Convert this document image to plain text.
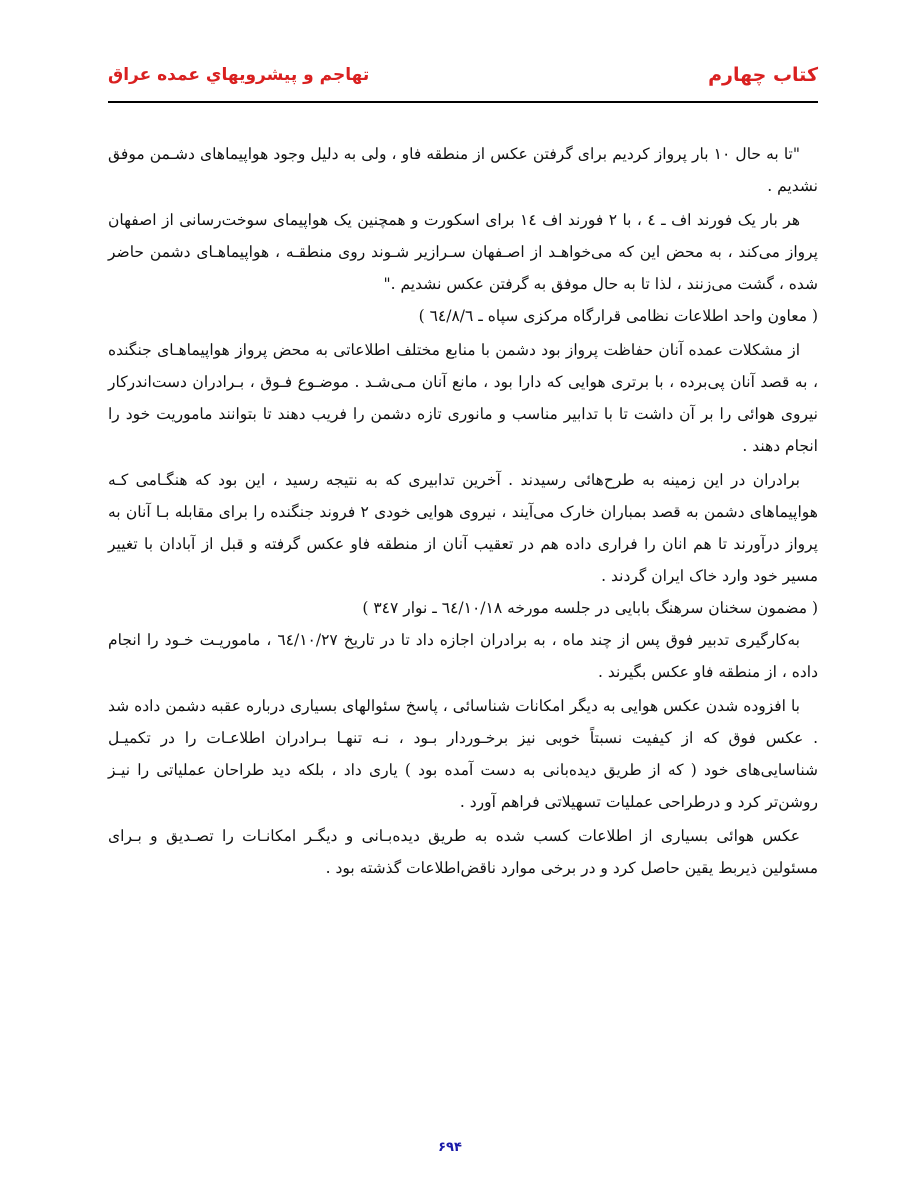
کتاب چهارم
تهاجم و پيشرويهاي عمده عراق

"تا به حال ۱۰ بار پرواز کردیم برای گرفتن عکس از منطقه فاو ، ولی به دلیل وجود هواپیماهای دشـمن موفق نشدیم .

هر بار یک فورند اف ـ ٤ ، با ۲ فورند اف ١٤ برای اسکورت و همچنین یک هواپیمای سوخت‌رسانی از اصفهان پرواز می‌کند ، به محض این که می‌خواهـد از اصـفهان سـرازیر شـوند روی منطقـه ، هواپیماهـای دشمن حاضر شده ، گشت می‌زنند ، لذا تا به حال موفق به گرفتن عکس نشدیم ."

( معاون واحد اطلاعات نظامی قرارگاه مرکزی سپاه ـ ٦٤/٨/٦ )

از مشکلات عمده آنان حفاظت پرواز بود دشمن با منابع مختلف اطلاعاتی به محض پرواز هواپیماهـای جنگنده ، به قصد آنان پی‌برده ، با برتری هوایی که دارا بود ، مانع آنان مـی‌شـد . موضـوع فـوق ، بـرادران دست‌اندرکار نیروی هوائی را بر آن داشت تا با تدابیر مناسب و مانوری تازه دشمن را فریب دهند تا بتوانند ماموریت خود را انجام دهند .

برادران در این زمینه به طرح‌هائی رسیدند . آخرین تدابیری که به نتیجه رسید ، این بود که هنگـامی کـه هواپیماهای دشمن به قصد بمباران خارک می‌آیند ، نیروی هوایی خودی ۲ فروند جنگنده را برای مقابله بـا آنان به پرواز درآورند تا هم انان را فراری داده هم در تعقیب آنان از منطقه فاو عکس گرفته و قبل از آبادان با تغییر مسیر خود وارد خاک ایران گردند .

( مضمون سخنان سرهنگ بابایی در جلسه مورخه ٦٤/١٠/١٨ ـ نوار ٣٤٧ )

به‌کارگیری تدبیر فوق پس از چند ماه ، به برادران اجازه داد تا در تاریخ ٦٤/١٠/٢٧ ، ماموریـت خـود را انجام داده ، از منطقه فاو عکس بگیرند .

با افزوده شدن عکس هوایی به دیگر امکانات شناسائی ، پاسخ سئوالهای بسیاری درباره عقبه دشمن داده شد . عکس فوق که از کیفیت نسبتاً خوبی نیز برخـوردار بـود ، نـه تنهـا بـرادران اطلاعـات را در تکمیـل شناسایی‌های خود ( که از طریق دیده‌بانی به دست آمده بود ) یاری داد ، بلکه دید طراحان عملیاتی را نیـز روشن‌تر کرد و درطراحی عملیات تسهیلاتی فراهم آورد .

عکس هوائی بسیاری از اطلاعات کسب شده به طریق دیده‌بـانی و دیگـر امکانـات را تصـدیق و بـرای مسئولین ذیربط یقین حاصل کرد و در برخی موارد ناقض‌اطلاعات گذشته بود .

۶۹۴
